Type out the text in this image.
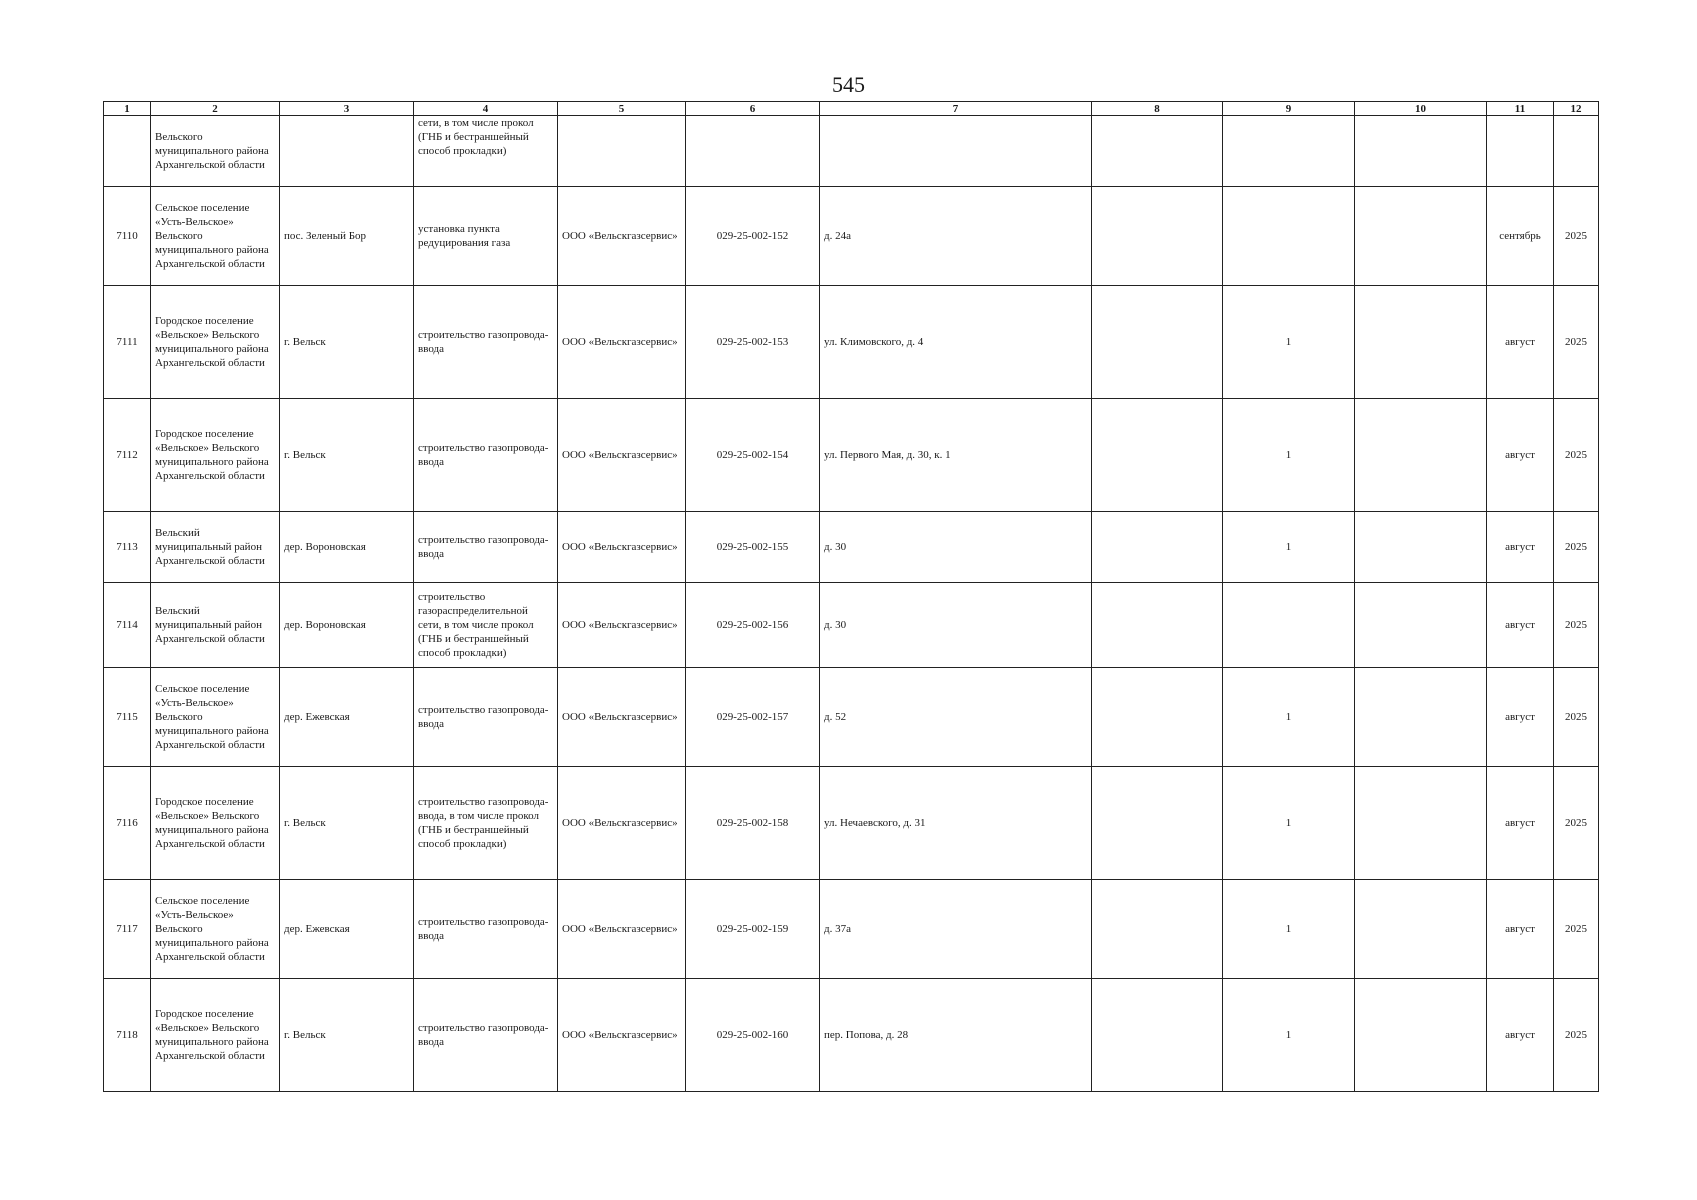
545
1	2	3	4	5	6	7	8	9	10	11	12
	Вельского муниципального района Архангельской области		сети, в том числе прокол (ГНБ и бестраншейный способ прокладки)								
7110	Сельское поселение «Усть-Вельское» Вельского муниципального района Архангельской области	пос. Зеленый Бор	установка пункта редуцирования газа	ООО «Вельскгазсервис»	029-25-002-152	д. 24а				сентябрь	2025
7111	Городское поселение «Вельское» Вельского муниципального района Архангельской области	г. Вельск	строительство газопровода-ввода	ООО «Вельскгазсервис»	029-25-002-153	ул. Климовского, д. 4		1		август	2025
7112	Городское поселение «Вельское» Вельского муниципального района Архангельской области	г. Вельск	строительство газопровода-ввода	ООО «Вельскгазсервис»	029-25-002-154	ул. Первого Мая, д. 30, к. 1		1		август	2025
7113	Вельский муниципальный район Архангельской области	дер. Вороновская	строительство газопровода-ввода	ООО «Вельскгазсервис»	029-25-002-155	д. 30		1		август	2025
7114	Вельский муниципальный район Архангельской области	дер. Вороновская	строительство газораспределительной сети, в том числе прокол (ГНБ и бестраншейный способ прокладки)	ООО «Вельскгазсервис»	029-25-002-156	д. 30				август	2025
7115	Сельское поселение «Усть-Вельское» Вельского муниципального района Архангельской области	дер. Ежевская	строительство газопровода-ввода	ООО «Вельскгазсервис»	029-25-002-157	д. 52		1		август	2025
7116	Городское поселение «Вельское» Вельского муниципального района Архангельской области	г. Вельск	строительство газопровода-ввода, в том числе прокол (ГНБ и бестраншейный способ прокладки)	ООО «Вельскгазсервис»	029-25-002-158	ул. Нечаевского, д. 31		1		август	2025
7117	Сельское поселение «Усть-Вельское» Вельского муниципального района Архангельской области	дер. Ежевская	строительство газопровода-ввода	ООО «Вельскгазсервис»	029-25-002-159	д. 37а		1		август	2025
7118	Городское поселение «Вельское» Вельского муниципального района Архангельской области	г. Вельск	строительство газопровода-ввода	ООО «Вельскгазсервис»	029-25-002-160	пер. Попова, д. 28		1		август	2025
